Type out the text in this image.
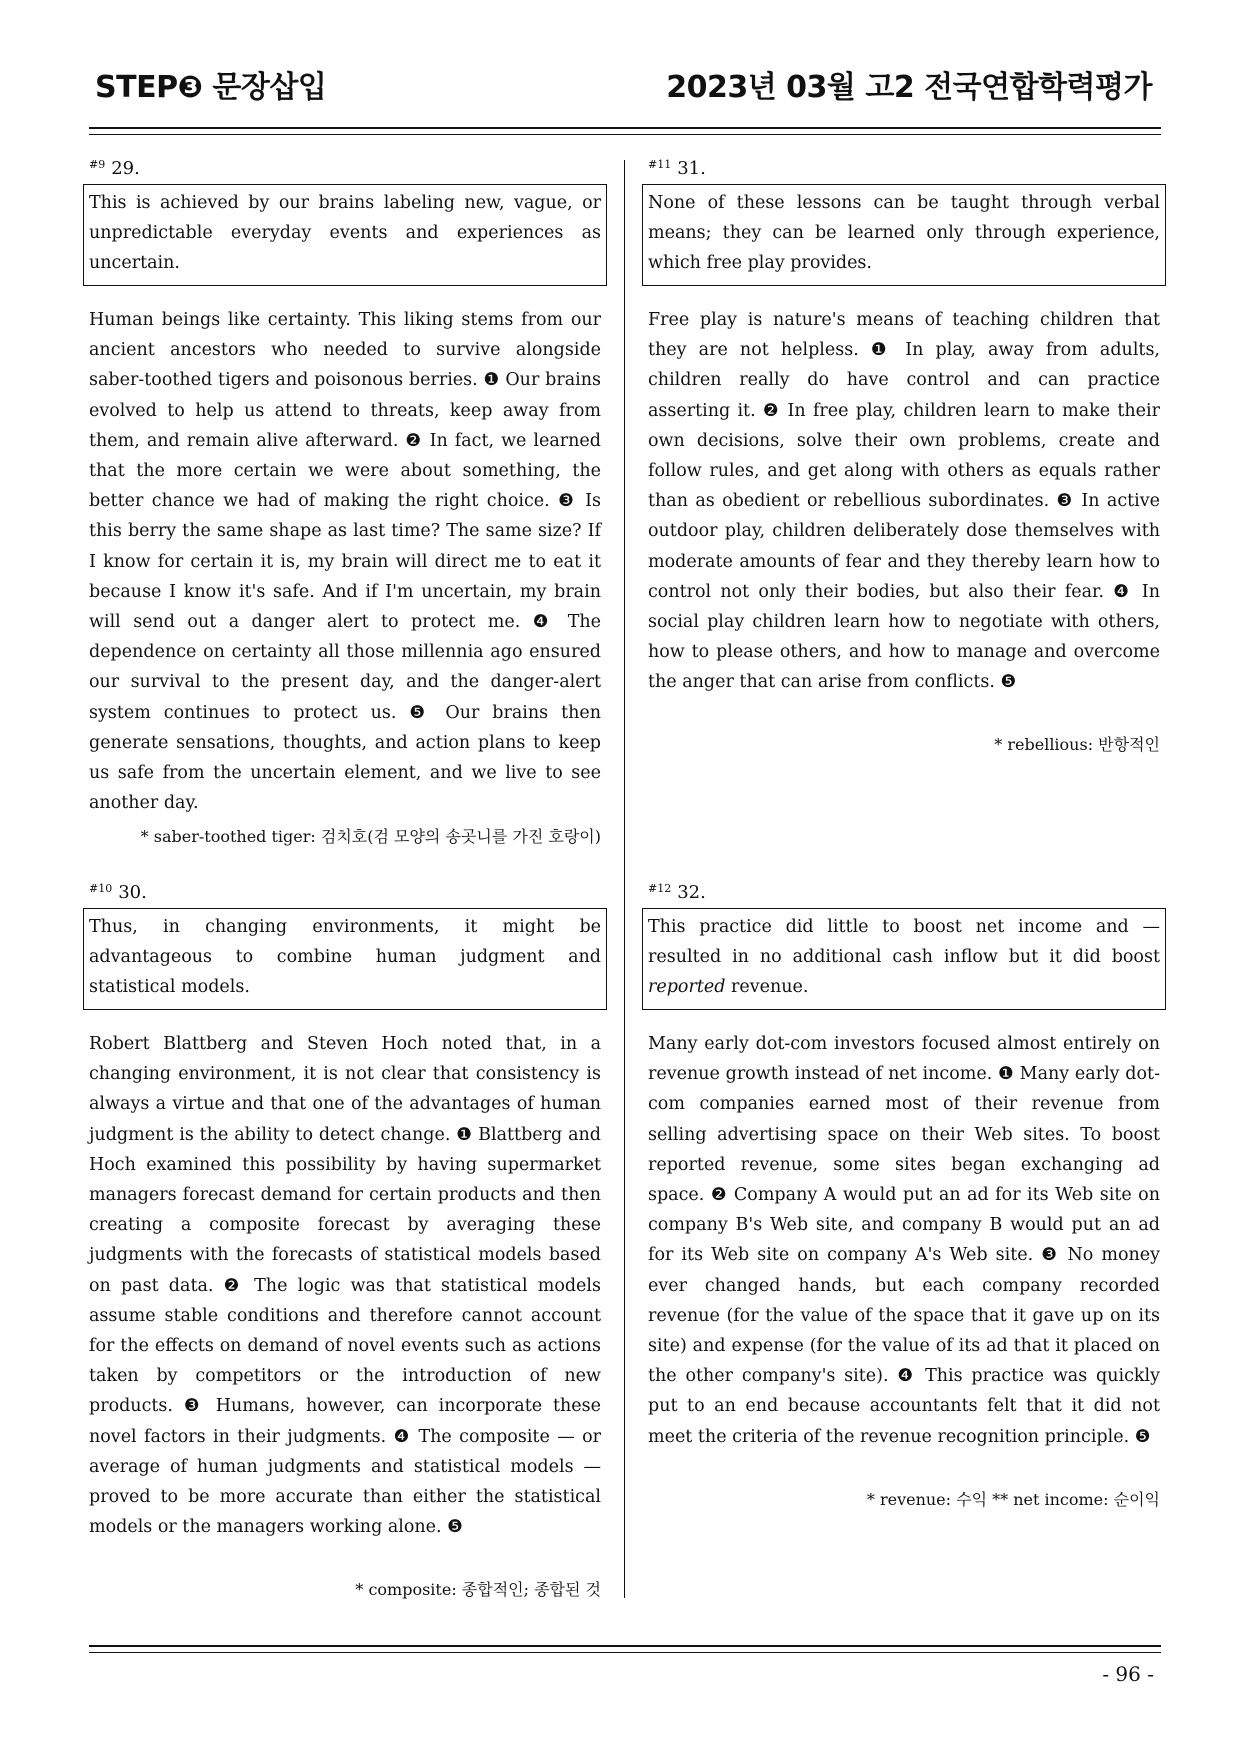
STEP❸ 문장삽입	2023년 03월 고2 전국연합학력평가
$^{\#9}$ 29.
This is achieved by our brains labeling new, vague, or unpredictable everyday events and experiences as uncertain.

Human beings like certainty. This liking stems from our ancient ancestors who needed to survive alongside saber-toothed tigers and poisonous berries. ❶ Our brains evolved to help us attend to threats, keep away from them, and remain alive afterward. ❷ In fact, we learned that the more certain we were about something, the better chance we had of making the right choice. ❸ Is this berry the same shape as last time? The same size? If I know for certain it is, my brain will direct me to eat it because I know it's safe. And if I'm uncertain, my brain will send out a danger alert to protect me. ❹ The dependence on certainty all those millennia ago ensured our survival to the present day, and the danger-alert system continues to protect us. ❺ Our brains then generate sensations, thoughts, and action plans to keep us safe from the uncertain element, and we live to see another day.

* saber-toothed tiger: 검치호(검 모양의 송곳니를 가진 호랑이)
$^{\#10}$ 30.
Thus, in changing environments, it might be advantageous to combine human judgment and statistical models.

Robert Blattberg and Steven Hoch noted that, in a changing environment, it is not clear that consistency is always a virtue and that one of the advantages of human judgment is the ability to detect change. ❶ Blattberg and Hoch examined this possibility by having supermarket managers forecast demand for certain products and then creating a composite forecast by averaging these judgments with the forecasts of statistical models based on past data. ❷ The logic was that statistical models assume stable conditions and therefore cannot account for the effects on demand of novel events such as actions taken by competitors or the introduction of new products. ❸ Humans, however, can incorporate these novel factors in their judgments. ❹ The composite — or average of human judgments and statistical models — proved to be more accurate than either the statistical models or the managers working alone. ❺

* composite: 종합적인; 종합된 것
$^{\#11}$ 31.
None of these lessons can be taught through verbal means; they can be learned only through experience, which free play provides.

Free play is nature's means of teaching children that they are not helpless. ❶ In play, away from adults, children really do have control and can practice asserting it. ❷ In free play, children learn to make their own decisions, solve their own problems, create and follow rules, and get along with others as equals rather than as obedient or rebellious subordinates. ❸ In active outdoor play, children deliberately dose themselves with moderate amounts of fear and they thereby learn how to control not only their bodies, but also their fear. ❹ In social play children learn how to negotiate with others, how to please others, and how to manage and overcome the anger that can arise from conflicts. ❺

* rebellious: 반항적인
$^{\#12}$ 32.
This practice did little to boost net income and — resulted in no additional cash inflow but it did boost reported revenue.

Many early dot-com investors focused almost entirely on revenue growth instead of net income. ❶ Many early dot-com companies earned most of their revenue from selling advertising space on their Web sites. To boost reported revenue, some sites began exchanging ad space. ❷ Company A would put an ad for its Web site on company B's Web site, and company B would put an ad for its Web site on company A's Web site. ❸ No money ever changed hands, but each company recorded revenue (for the value of the space that it gave up on its site) and expense (for the value of its ad that it placed on the other company's site). ❹ This practice was quickly put to an end because accountants felt that it did not meet the criteria of the revenue recognition principle. ❺

* revenue: 수익 ** net income: 순이익
- 96 -
